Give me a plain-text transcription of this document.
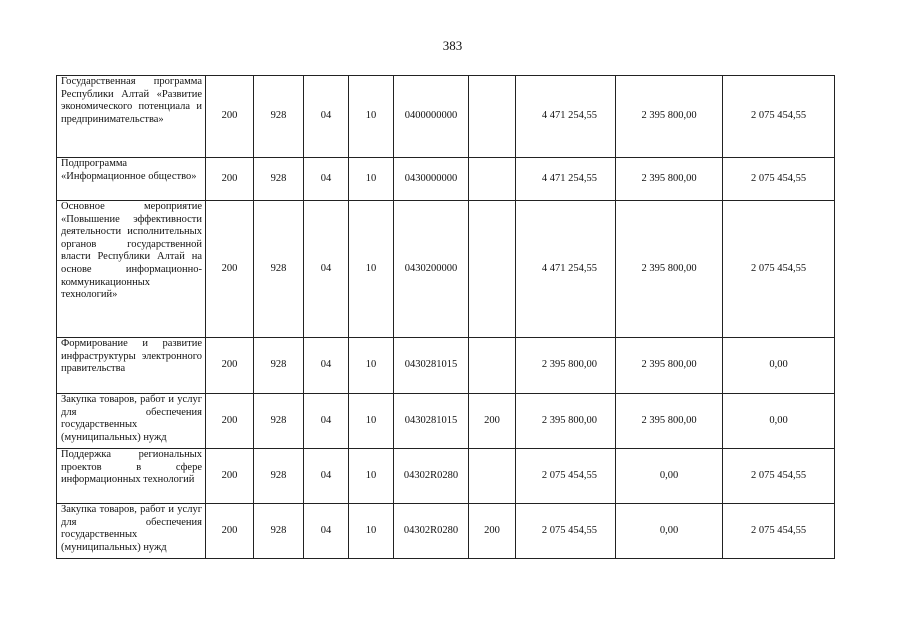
383
Государственная программа Республики Алтай «Развитие экономического потенциала и предпринимательства»	200	928	04	10	0400000000		4 471 254,55	2 395 800,00	2 075 454,55
Подпрограмма «Информационное общество»	200	928	04	10	0430000000		4 471 254,55	2 395 800,00	2 075 454,55
Основное мероприятие «Повышение эффективности деятельности исполнительных органов государственной власти Республики Алтай на основе информационно-коммуникационных технологий»	200	928	04	10	0430200000		4 471 254,55	2 395 800,00	2 075 454,55
Формирование и развитие инфраструктуры электронного правительства	200	928	04	10	0430281015		2 395 800,00	2 395 800,00	0,00
Закупка товаров, работ и услуг для обеспечения государственных (муниципальных) нужд	200	928	04	10	0430281015	200	2 395 800,00	2 395 800,00	0,00
Поддержка региональных проектов в сфере информационных технологий	200	928	04	10	04302R0280		2 075 454,55	0,00	2 075 454,55
Закупка товаров, работ и услуг для обеспечения государственных (муниципальных) нужд	200	928	04	10	04302R0280	200	2 075 454,55	0,00	2 075 454,55
